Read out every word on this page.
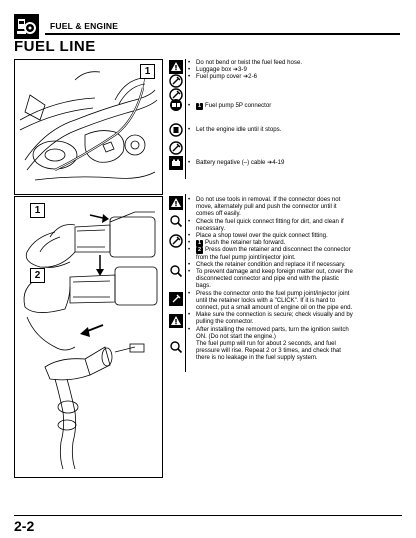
FUEL & ENGINE
FUEL LINE
1
1
2
• Do not bend or twist the fuel feed hose.
• Luggage box ➔3-9
• Fuel pump cover ➔2-6
•	1 Fuel pump 5P connector
• Let the engine idle until it stops.
• Battery negative (–) cable ➔4-19
• Do not use tools in removal. If the connector does not
move, alternately pull and push the connector until it
comes off easily.
• Check the fuel quick connect fitting for dirt, and clean if
necessary.
• Place a shop towel over the quick connect fitting.
•	1 Push the retainer tab forward.
•	2 Press down the retainer and disconnect the connector
from the fuel pump joint/injector joint.
• Check the retainer condition and replace it if necessary.
• To prevent damage and keep foreign matter out, cover the
disconnected connector and pipe end with the plastic
bags.
• Press the connector onto the fuel pump joint/injector joint
until the retainer locks with a "CLICK". If it is hard to
connect, put a small amount of engine oil on the pipe end.
• Make sure the connection is secure; check visually and by
pulling the connector.
• After installing the removed parts, turn the ignition switch
ON. (Do not start the engine.)
The fuel pump will run for about 2 seconds, and fuel
pressure will rise. Repeat 2 or 3 times, and check that
there is no leakage in the fuel supply system.
2-2
